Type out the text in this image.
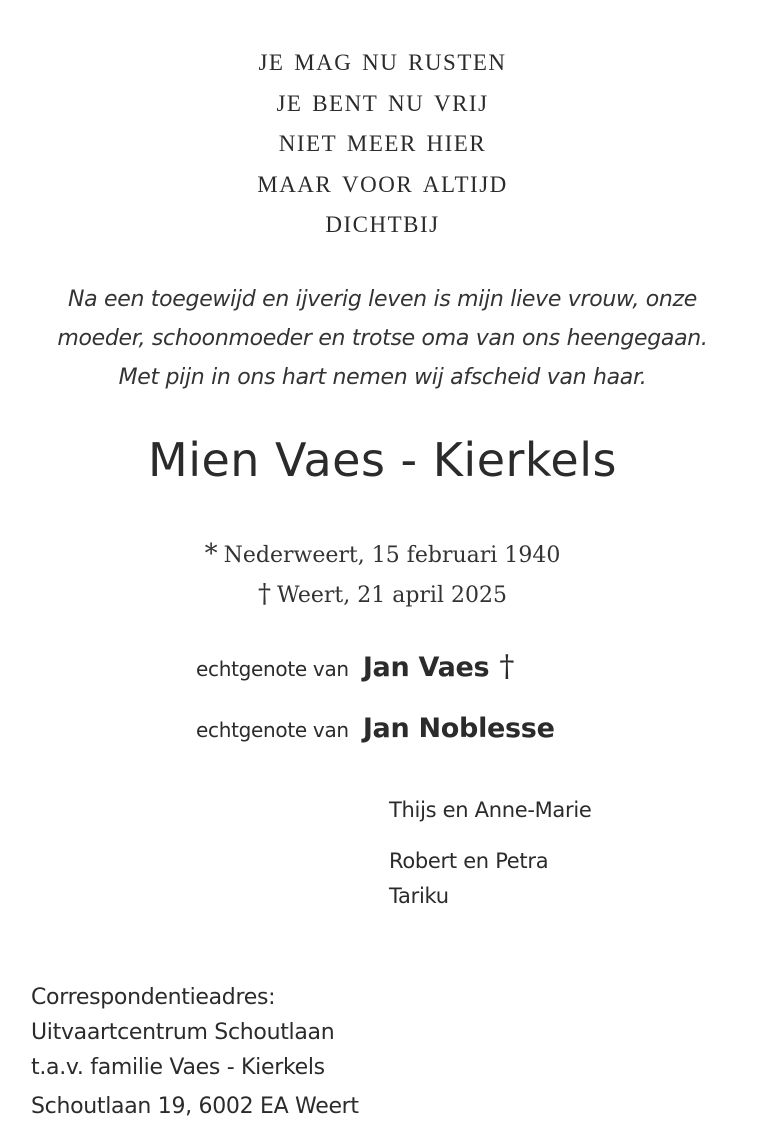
je mag nu rusten
je bent nu vrij
niet meer hier
maar voor altijd
dichtbij
Na een toegewijd en ijverig leven is mijn lieve vrouw, onze
moeder, schoonmoeder en trotse oma van ons heengegaan.
Met pijn in ons hart nemen wij afscheid van haar.
Mien Vaes - Kierkels
* Nederweert, 15 februari 1940
† Weert, 21 april 2025
echtgenote van Jan Vaes †
echtgenote van Jan Noblesse
Thijs en Anne-Marie
Robert en Petra
Tariku
Correspondentieadres:
Uitvaartcentrum Schoutlaan
t.a.v. familie Vaes - Kierkels
Schoutlaan 19, 6002 EA Weert
